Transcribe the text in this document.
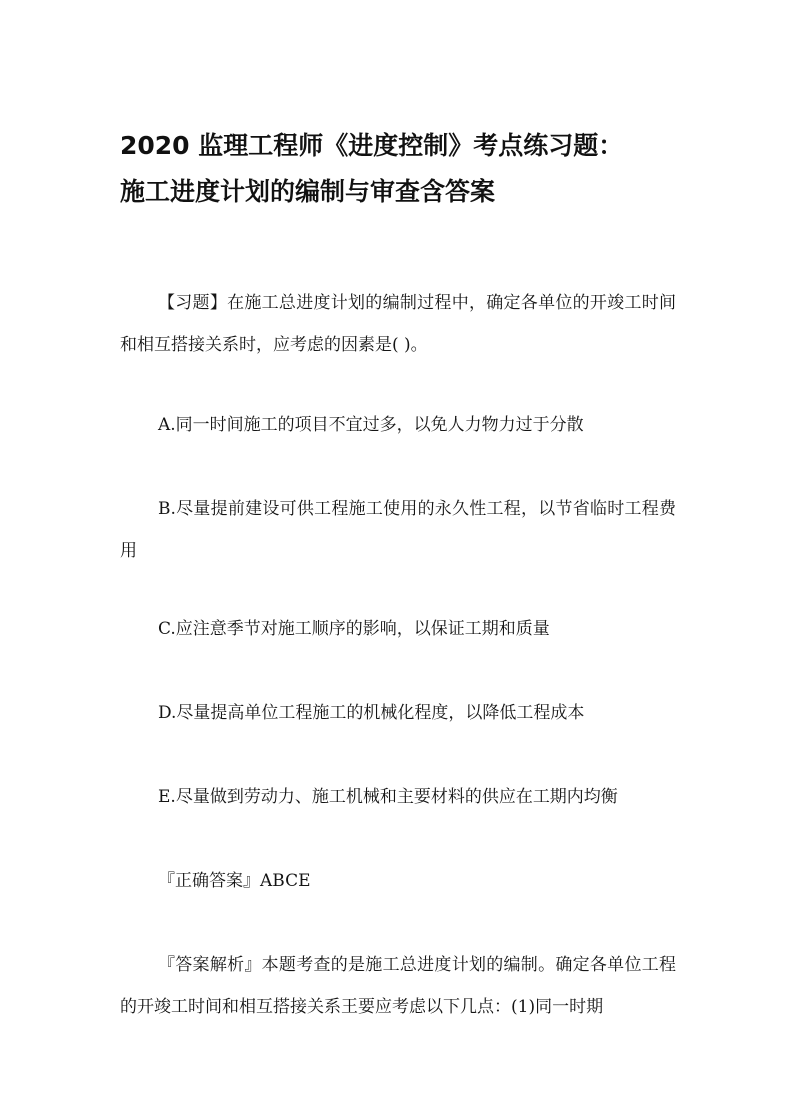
2020 监理工程师《进度控制》考点练习题：
施工进度计划的编制与审查含答案
【习题】在施工总进度计划的编制过程中，确定各单位的开竣工时间和相互搭接关系时，应考虑的因素是( )。
A.同一时间施工的项目不宜过多，以免人力物力过于分散
B.尽量提前建设可供工程施工使用的永久性工程，以节省临时工程费用
C.应注意季节对施工顺序的影响，以保证工期和质量
D.尽量提高单位工程施工的机械化程度，以降低工程成本
E.尽量做到劳动力、施工机械和主要材料的供应在工期内均衡
『正确答案』ABCE
『答案解析』本题考查的是施工总进度计划的编制。确定各单位工程的开竣工时间和相互搭接关系王要应考虑以下几点：(1)同一时期
